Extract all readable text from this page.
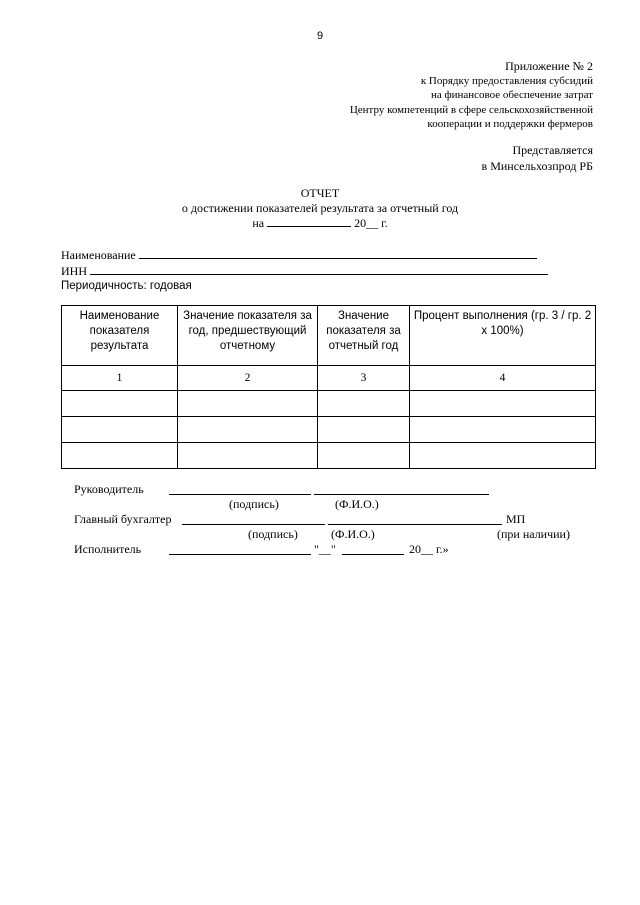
9
Приложение № 2
к Порядку предоставления субсидий
на финансовое обеспечение затрат
Центру компетенций в сфере сельскохозяйственной
кооперации и поддержки фермеров
Представляется
в Минсельхозпрод РБ
ОТЧЕТ
о достижении показателей результата за отчетный год
на	20__ г.
Наименование
ИНН
Периодичность: годовая
Наименование показателя результата	Значение показателя за год, предшествующий отчетному	Значение показателя за отчетный год	Процент выполнения (гр. 3 / гр. 2 x 100%)
1	2	3	4

Руководитель
(подпись)	(Ф.И.О.)
Главный бухгалтер	МП
(подпись)	(Ф.И.О.)	(при наличии)
Исполнитель	"__"	20__ г.»
